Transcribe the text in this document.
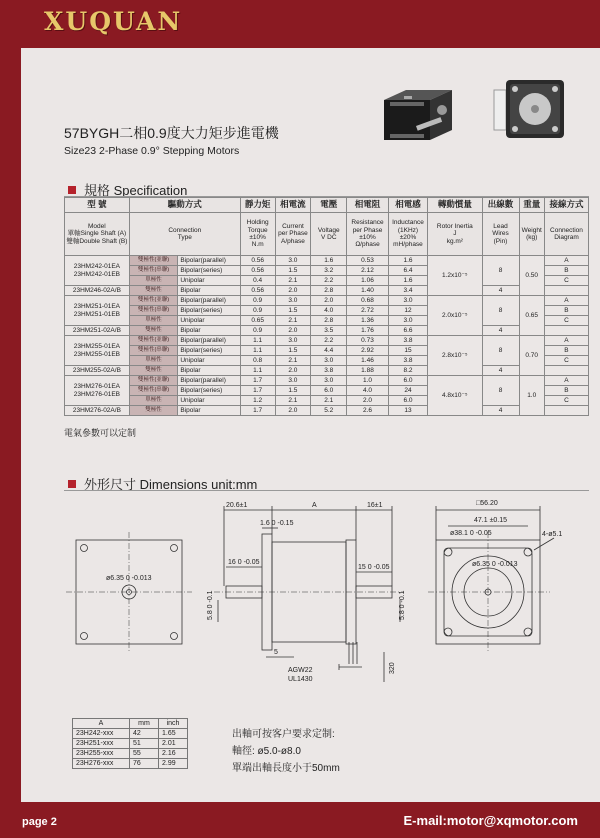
XUQUAN
57BYGH二相0.9度大力矩步進電機
Size23 2-Phase 0.9° Stepping Motors
規格 Specification
型 號	驅動方式		靜力矩	相電流	電壓	相電阻	相電感	轉動慣量	出線數	重量	接線方式
Model
單軸Single Shaft (A)
雙軸Double Shaft (B)	Connection
Type		Holding
Torque
±10%
N.m	Current
per Phase
A/phase	Voltage
V DC	Resistance
per Phase
±10%
Ω/phase	Inductance
(1KHz)
±20%
mH/phase	Rotor Inertia
J
kg.m²	Lead
Wires
(Pin)	Weight
(kg)	Connection
Diagram
23HM242-01EA
23HM242-01EB	雙極性(並聯)	Bipolar(parallel)	0.56	3.0	1.6	0.53	1.6	1.2x10⁻⁵	8	0.50	A
	雙極性(串聯)	Bipolar(series)	0.56	1.5	3.2	2.12	6.4				B
	單極性	Unipolar	0.4	2.1	2.2	1.06	1.6				C
23HM246-02A/B	雙極性	Bipolar	0.56	2.0	2.8	1.40	3.4		4		
23HM251-01EA
23HM251-01EB	雙極性(並聯)	Bipolar(parallel)	0.9	3.0	2.0	0.68	3.0	2.0x10⁻⁵	8	0.65	A
	雙極性(串聯)	Bipolar(series)	0.9	1.5	4.0	2.72	12				B
	單極性	Unipolar	0.65	2.1	2.8	1.36	3.0				C
23HM251-02A/B	雙極性	Bipolar	0.9	2.0	3.5	1.76	6.6		4		
23HM255-01EA
23HM255-01EB	雙極性(並聯)	Bipolar(parallel)	1.1	3.0	2.2	0.73	3.8	2.8x10⁻⁵	8	0.70	A
	雙極性(串聯)	Bipolar(series)	1.1	1.5	4.4	2.92	15				B
	單極性	Unipolar	0.8	2.1	3.0	1.46	3.8				C
23HM255-02A/B	雙極性	Bipolar	1.1	2.0	3.8	1.88	8.2		4		
23HM276-01EA
23HM276-01EB	雙極性(並聯)	Bipolar(parallel)	1.7	3.0	3.0	1.0	6.0	4.8x10⁻⁵	8	1.0	A
	雙極性(串聯)	Bipolar(series)	1.7	1.5	6.0	4.0	24				B
	單極性	Unipolar	1.2	2.1	2.1	2.0	6.0				C
23HM276-02A/B	雙極性	Bipolar	1.7	2.0	5.2	2.6	13		4		
電氣參數可以定制
外形尺寸 Dimensions unit:mm
20.6±1	A	16±1
1.6 0 -0.15
16 0 -0.05
15 0 -0.05
ø6.35 0 -0.013
5.8 0 -0.1	5.8 0 -0.1
5
AGW22
UL1430
320
□56.20
47.1 ±0.15
ø38.1 0 -0.05
ø6.35 0 -0.013
4-ø5.1
A	mm	inch
23H242-xxx	42	1.65
23H251-xxx	51	2.01
23H255-xxx	55	2.16
23H276-xxx	76	2.99
出軸可按客户要求定制:
軸徑: ø5.0-ø8.0
單端出軸長度小于50mm
page 2	E-mail:motor@xqmotor.com
